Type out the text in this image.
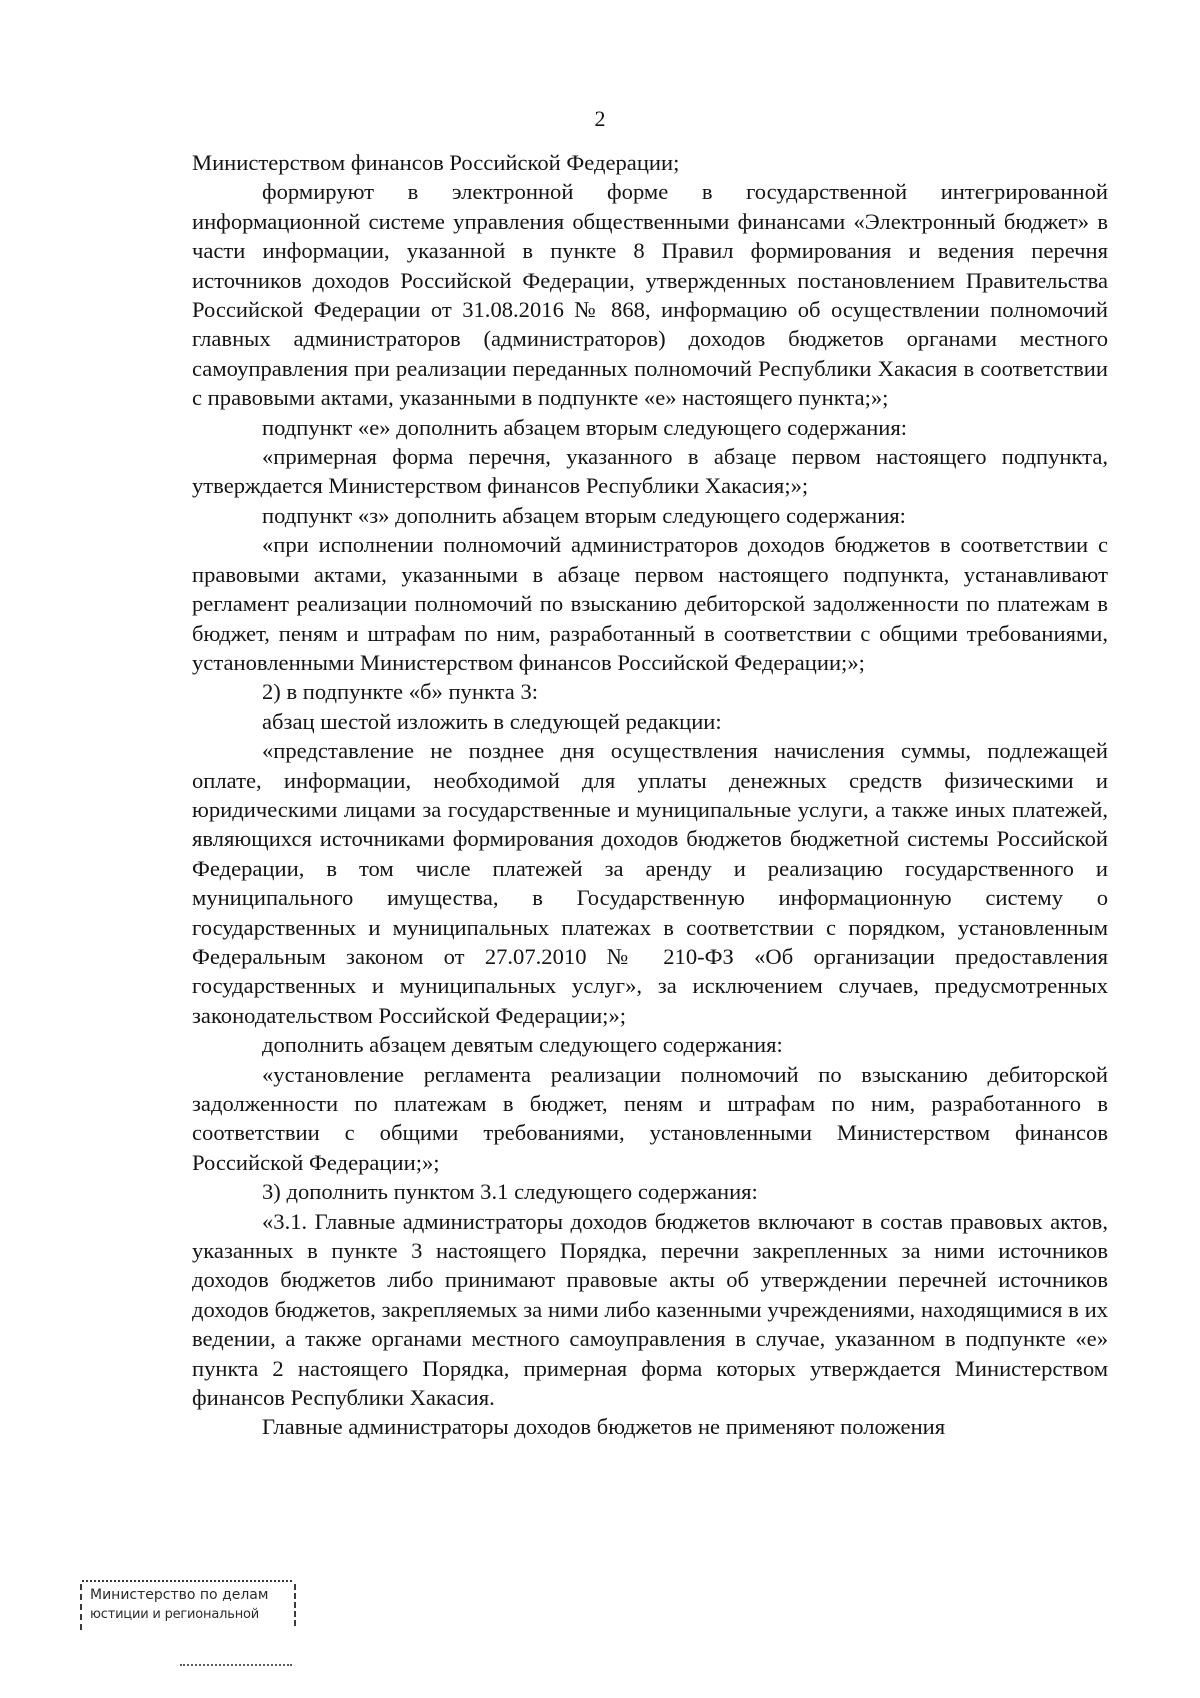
2

Министерством финансов Российской Федерации;

формируют в электронной форме в государственной интегрированной информационной системе управления общественными финансами «Электронный бюджет» в части информации, указанной в пункте 8 Правил формирования и ведения перечня источников доходов Российской Федерации, утвержденных постановлением Правительства Российской Федерации от 31.08.2016 № 868, информацию об осуществлении полномочий главных администраторов (администраторов) доходов бюджетов органами местного самоуправления при реализации переданных полномочий Республики Хакасия в соответствии с правовыми актами, указанными в подпункте «е» настоящего пункта;»;

подпункт «е» дополнить абзацем вторым следующего содержания:

«примерная форма перечня, указанного в абзаце первом настоящего подпункта, утверждается Министерством финансов Республики Хакасия;»;

подпункт «з» дополнить абзацем вторым следующего содержания:

«при исполнении полномочий администраторов доходов бюджетов в соответствии с правовыми актами, указанными в абзаце первом настоящего подпункта, устанавливают регламент реализации полномочий по взысканию дебиторской задолженности по платежам в бюджет, пеням и штрафам по ним, разработанный в соответствии с общими требованиями, установленными Министерством финансов Российской Федерации;»;

2) в подпункте «б» пункта 3:

абзац шестой изложить в следующей редакции:

«представление не позднее дня осуществления начисления суммы, подлежащей оплате, информации, необходимой для уплаты денежных средств физическими и юридическими лицами за государственные и муниципальные услуги, а также иных платежей, являющихся источниками формирования доходов бюджетов бюджетной системы Российской Федерации, в том числе платежей за аренду и реализацию государственного и муниципального имущества, в Государственную информационную систему о государственных и муниципальных платежах в соответствии с порядком, установленным Федеральным законом от 27.07.2010 № 210-ФЗ «Об организации предоставления государственных и муниципальных услуг», за исключением случаев, предусмотренных законодательством Российской Федерации;»;

дополнить абзацем девятым следующего содержания:

«установление регламента реализации полномочий по взысканию дебиторской задолженности по платежам в бюджет, пеням и штрафам по ним, разработанного в соответствии с общими требованиями, установленными Министерством финансов Российской Федерации;»;

3) дополнить пунктом 3.1 следующего содержания:

«3.1. Главные администраторы доходов бюджетов включают в состав правовых актов, указанных в пункте 3 настоящего Порядка, перечни закрепленных за ними источников доходов бюджетов либо принимают правовые акты об утверждении перечней источников доходов бюджетов, закрепляемых за ними либо казенными учреждениями, находящимися в их ведении, а также органами местного самоуправления в случае, указанном в подпункте «е» пункта 2 настоящего Порядка, примерная форма которых утверждается Министерством финансов Республики Хакасия.

Главные администраторы доходов бюджетов не применяют положения

Министерство по делам
юстиции и региональной
